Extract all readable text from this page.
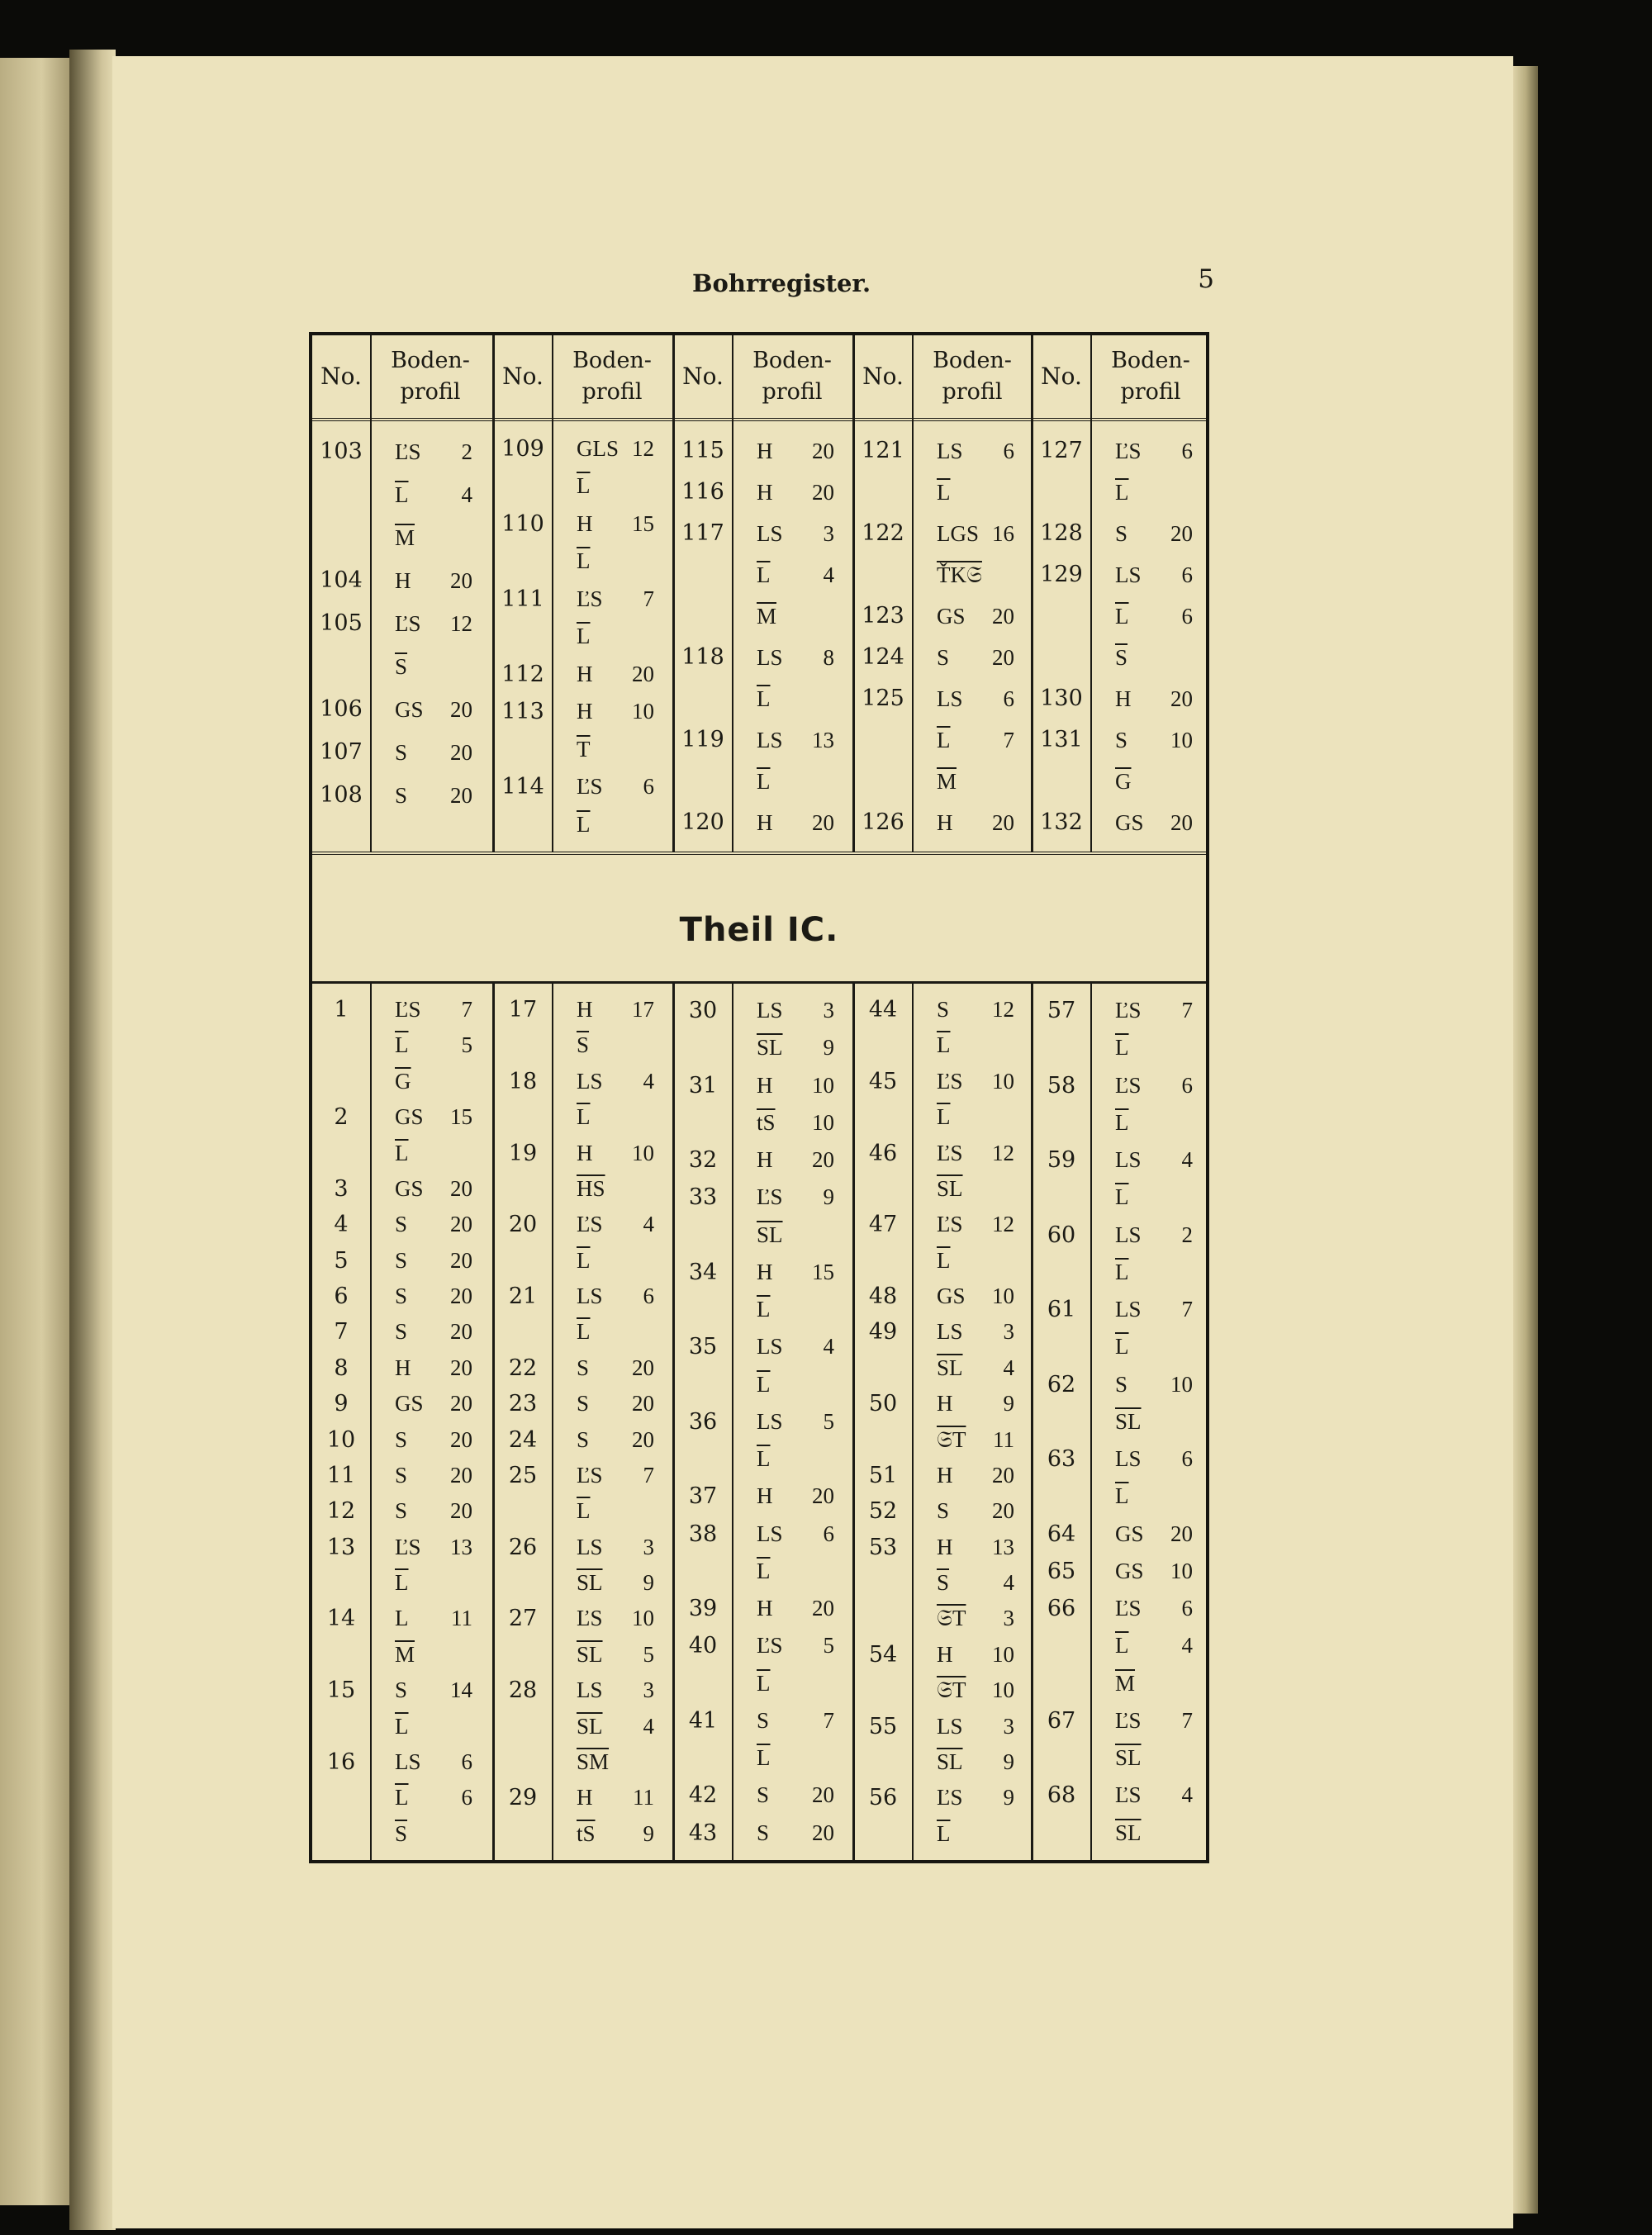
Bohrregister.	5
No.
Boden-
profil
No.
Boden-
profil
No.
Boden-
profil
No.
Boden-
profil
No.
Boden-
profil
103	ĽS 2
$\overline{L}$ 4
$\overline{M}$
104	H 20
105	ĽS 12
$\overline{S}$
106	GS 20
107	S 20
108	S 20
109	GLS 12
$\overline{L}$
110	H 15
$\overline{L}$
111	ĽS 7
$\overline{L}$
112	H 20
113	H 10
$\overline{T}$
114	ĽS 6
$\overline{L}$
115	H 20
116	H 20
117	LS 3
$\overline{L}$ 4
$\overline{M}$
118	LS 8
$\overline{L}$
119	LS 13
$\overline{L}$
120	H 20
121	LS 6
$\overline{L}$
122	LGS 16
ŤK𝔖
123	GS 20
124	S 20
125	LS 6
$\overline{L}$ 7
$\overline{M}$
126	H 20
127	ĽS 6
$\overline{L}$
128	S 20
129	LS 6
$\overline{L}$ 6
$\overline{S}$
130	H 20
131	S 10
$\overline{G}$
132	GS 20
1	ĽS 7
$\overline{L}$ 5
$\overline{G}$
2	GS 15
$\overline{L}$
3	GS 20
4	S 20
5	S 20
6	S 20
7	S 20
8	H 20
9	GS 20
10	S 20
11	S 20
12	S 20
13	ĽS 13
$\overline{L}$
14	L 11
$\overline{M}$
15	S 14
$\overline{L}$
16	LS 6
$\overline{L}$ 6
$\overline{S}$
17	H 17
$\overline{S}$
18	LS 4
$\overline{L}$
19	H 10
$\overline{HS}$
20	ĽS 4
$\overline{L}$
21	LS 6
$\overline{L}$
22	S 20
23	S 20
24	S 20
25	ĽS 7
$\overline{L}$
26	LS 3
$\overline{SL}$ 9
27	ĽS 10
$\overline{SL}$ 5
28	LS 3
$\overline{SL}$ 4
$\overline{SM}$
29	H 11
$\overline{tS}$ 9
30	LS 3
$\overline{SL}$ 9
31	H 10
$\overline{tS}$ 10
32	H 20
33	ĽS 9
$\overline{SL}$
34	H 15
$\overline{L}$
35	LS 4
$\overline{L}$
36	LS 5
$\overline{L}$
37	H 20
38	LS 6
$\overline{L}$
39	H 20
40	ĽS 5
$\overline{L}$
41	S 7
$\overline{L}$
42	S 20
43	S 20
44	S 12
$\overline{L}$
45	ĽS 10
$\overline{L}$
46	ĽS 12
$\overline{SL}$
47	ĽS 12
$\overline{L}$
48	GS 10
49	LS 3
$\overline{SL}$ 4
50	H 9
𝔖T 11
51	H 20
52	S 20
53	H 13
$\overline{S}$ 4
𝔖T 3
54	H 10
𝔖T 10
55	LS 3
$\overline{SL}$ 9
56	ĽS 9
$\overline{L}$
57	ĽS 7
$\overline{L}$
58	ĽS 6
$\overline{L}$
59	LS 4
$\overline{L}$
60	LS 2
$\overline{L}$
61	LS 7
$\overline{L}$
62	S 10
$\overline{SL}$
63	LS 6
$\overline{L}$
64	GS 20
65	GS 10
66	ĽS 6
$\overline{L}$ 4
$\overline{M}$
67	ĽS 7
$\overline{SL}$
68	ĽS 4
$\overline{SL}$
Theil IC.
